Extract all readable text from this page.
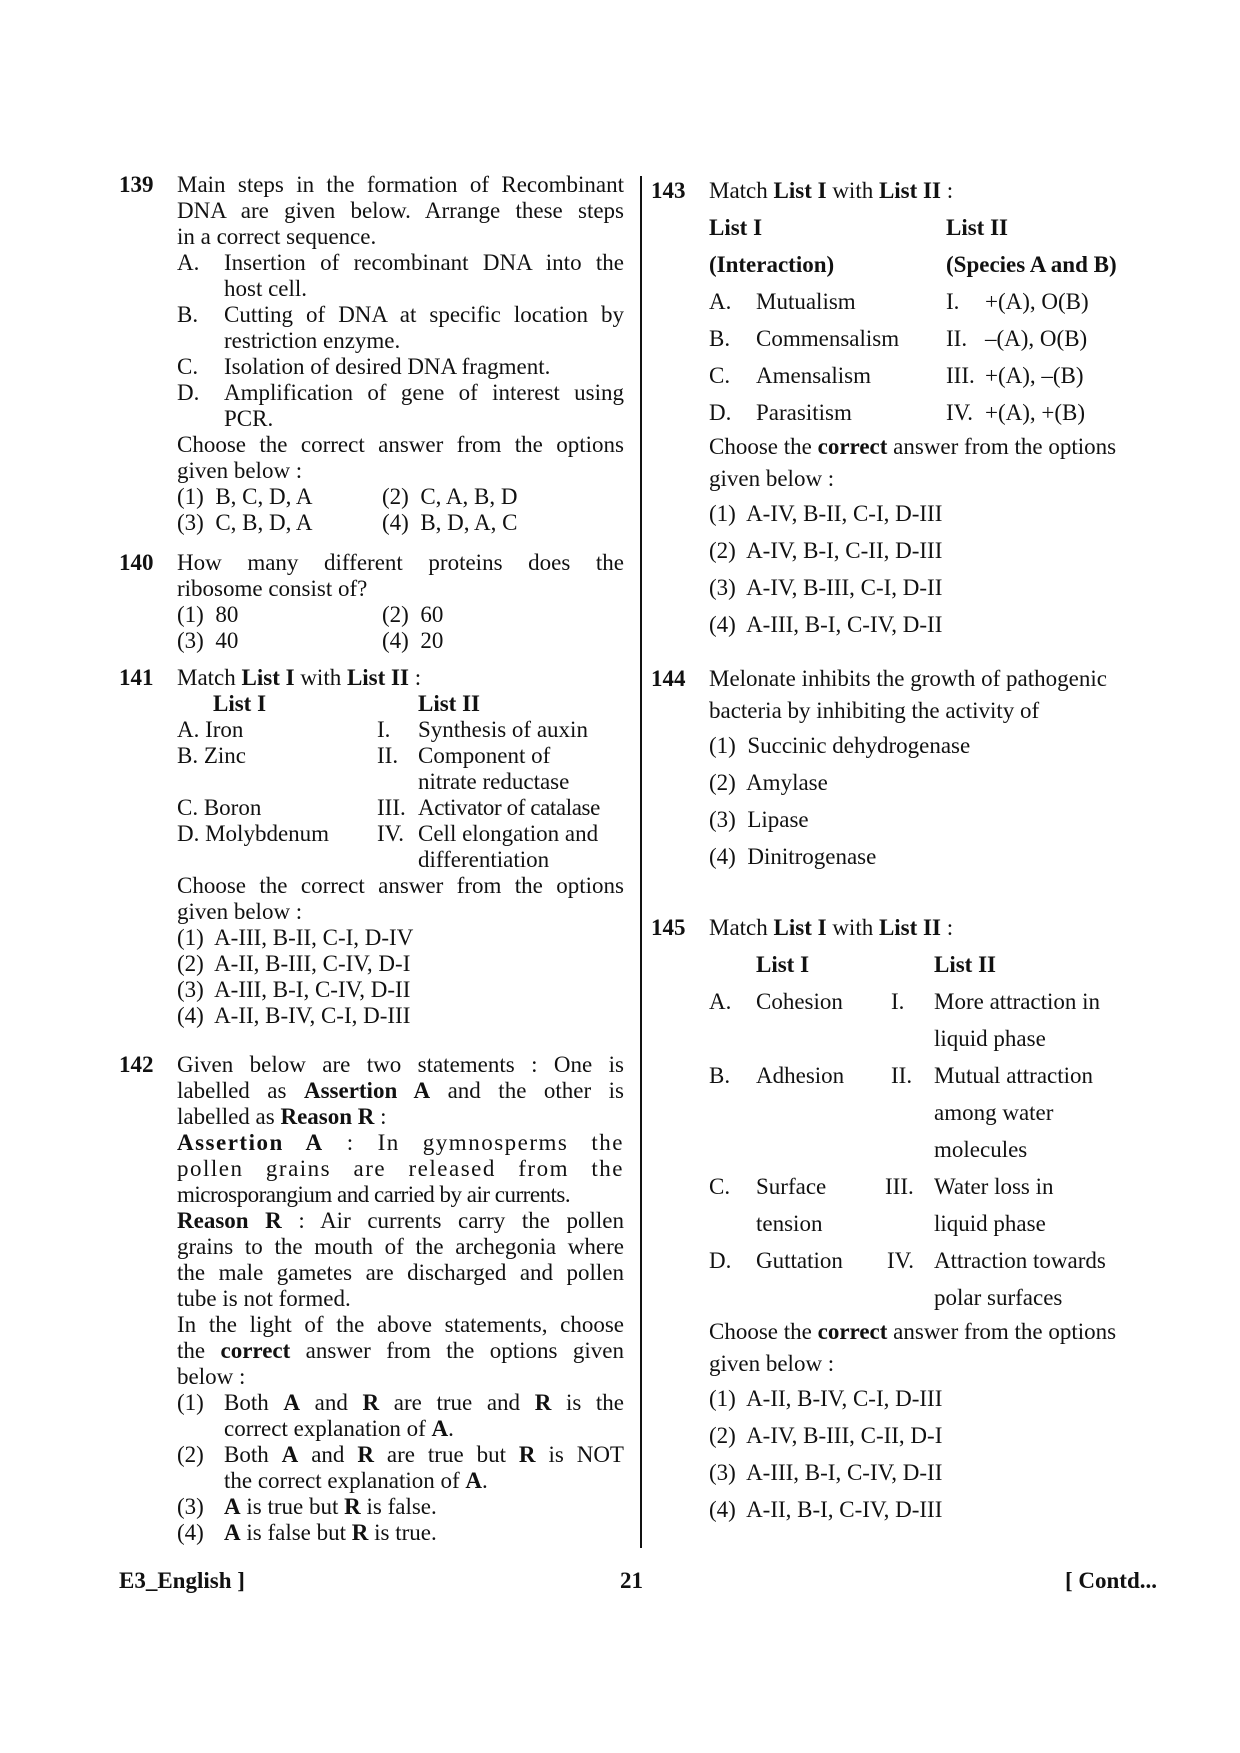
139 Main steps in the formation of Recombinant
DNA are given below. Arrange these steps
in a correct sequence.
A. Insertion of recombinant DNA into the
host cell.
B. Cutting of DNA at specific location by
restriction enzyme.
C. Isolation of desired DNA fragment.
D. Amplification of gene of interest using
PCR.
Choose the correct answer from the options
given below :
(1) B, C, D, A	(2) C, A, B, D
(3) C, B, D, A	(4) B, D, A, C
140 How many different proteins does the
ribosome consist of?
(1) 80	(2) 60
(3) 40	(4) 20
141 Match List I with List II :
List I	List II
A. Iron	I. Synthesis of auxin
B. Zinc	II. Component of
nitrate reductase
C. Boron	III. Activator of catalase
D. Molybdenum IV. Cell elongation and
differentiation
Choose the correct answer from the options
given below :
(1) A-III, B-II, C-I, D-IV
(2) A-II, B-III, C-IV, D-I
(3) A-III, B-I, C-IV, D-II
(4) A-II, B-IV, C-I, D-III
142 Given below are two statements : One is
labelled as Assertion A and the other is
labelled as Reason R :
Assertion A : In gymnosperms the
pollen grains are released from the
microsporangium and carried by air currents.
Reason R : Air currents carry the pollen
grains to the mouth of the archegonia where
the male gametes are discharged and pollen
tube is not formed.
In the light of the above statements, choose
the correct answer from the options given
below :
(1) Both A and R are true and R is the
correct explanation of A.
(2) Both A and R are true but R is NOT
the correct explanation of A.
(3) A is true but R is false.
(4) A is false but R is true.
143 Match List I with List II :
List I	List II
(Interaction)	(Species A and B)
A. Mutualism	I. +(A), O(B)
B. Commensalism II. –(A), O(B)
C. Amensalism	III. +(A), –(B)
D. Parasitism	IV. +(A), +(B)
Choose the correct answer from the options
given below :
(1) A-IV, B-II, C-I, D-III
(2) A-IV, B-I, C-II, D-III
(3) A-IV, B-III, C-I, D-II
(4) A-III, B-I, C-IV, D-II
144 Melonate inhibits the growth of pathogenic
bacteria by inhibiting the activity of
(1) Succinic dehydrogenase
(2) Amylase
(3) Lipase
(4) Dinitrogenase
145 Match List I with List II :
List I	List II
A. Cohesion I. More attraction in
liquid phase
B. Adhesion II. Mutual attraction
among water
molecules
C. Surface	III. Water loss in
tension	liquid phase
D. Guttation IV. Attraction towards
polar surfaces
Choose the correct answer from the options
given below :
(1) A-II, B-IV, C-I, D-III
(2) A-IV, B-III, C-II, D-I
(3) A-III, B-I, C-IV, D-II
(4) A-II, B-I, C-IV, D-III
E3_English ]	21	[ Contd...
